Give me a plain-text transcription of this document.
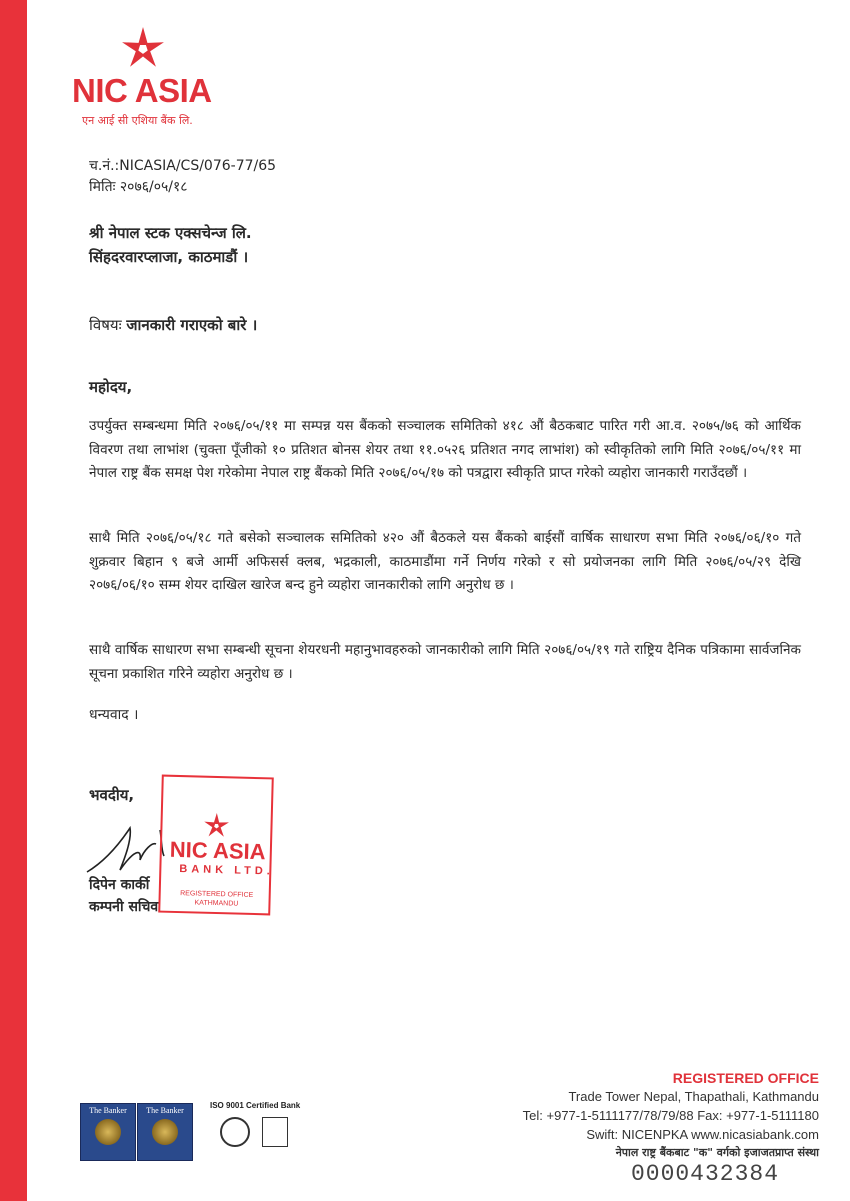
NIC ASIA
एन आई सी एशिया बैंक लि.
च.नं.:NICASIA/CS/076-77/65
मितिः २०७६/०५/१८
श्री नेपाल स्टक एक्सचेन्ज लि.
सिंहदरवारप्लाजा, काठमाडौं ।
विषयः जानकारी गराएको बारे ।
महोदय,
उपर्युक्त सम्बन्धमा मिति २०७६/०५/११ मा सम्पन्न यस बैंकको सञ्चालक समितिको ४१८ औं बैठकबाट पारित गरी आ.व. २०७५/७६ को आर्थिक विवरण तथा लाभांश (चुक्ता पूँजीको १० प्रतिशत बोनस शेयर तथा ११.०५२६ प्रतिशत नगद लाभांश) को स्वीकृतिको लागि मिति २०७६/०५/११ मा नेपाल राष्ट्र बैंक समक्ष पेश गरेकोमा नेपाल राष्ट्र बैंकको मिति २०७६/०५/१७ को पत्रद्वारा स्वीकृति प्राप्त गरेको व्यहोरा जानकारी गराउँदछौं ।
साथै मिति २०७६/०५/१८ गते बसेको सञ्चालक समितिको ४२० औं बैठकले यस बैंकको बाईसौं वार्षिक साधारण सभा मिति २०७६/०६/१० गते शुक्रवार बिहान ९ बजे आर्मी अफिसर्स क्लब, भद्रकाली, काठमाडौंमा गर्ने निर्णय गरेको र सो प्रयोजनका लागि मिति २०७६/०५/२९ देखि २०७६/०६/१० सम्म शेयर दाखिल खारेज बन्द हुने व्यहोरा जानकारीको लागि अनुरोध छ ।
साथै वार्षिक साधारण सभा सम्बन्धी सूचना शेयरधनी महानुभावहरुको जानकारीको लागि मिति २०७६/०५/१९ गते राष्ट्रिय दैनिक पत्रिकामा सार्वजनिक सूचना प्रकाशित गरिने व्यहोरा अनुरोध छ ।
धन्यवाद ।
भवदीय,
दिपेन कार्की
कम्पनी सचिव
NIC ASIA
BANK LTD.
REGISTERED OFFICE
KATHMANDU
The Banker	The Banker
ISO 9001 Certified Bank
REGISTERED OFFICE
Trade Tower Nepal, Thapathali, Kathmandu
Tel: +977-1-5111177/78/79/88 Fax: +977-1-5111180
Swift: NICENPKA www.nicasiabank.com
नेपाल राष्ट्र बैंकबाट "क" वर्गको इजाजतप्राप्त संस्था
0000432384
